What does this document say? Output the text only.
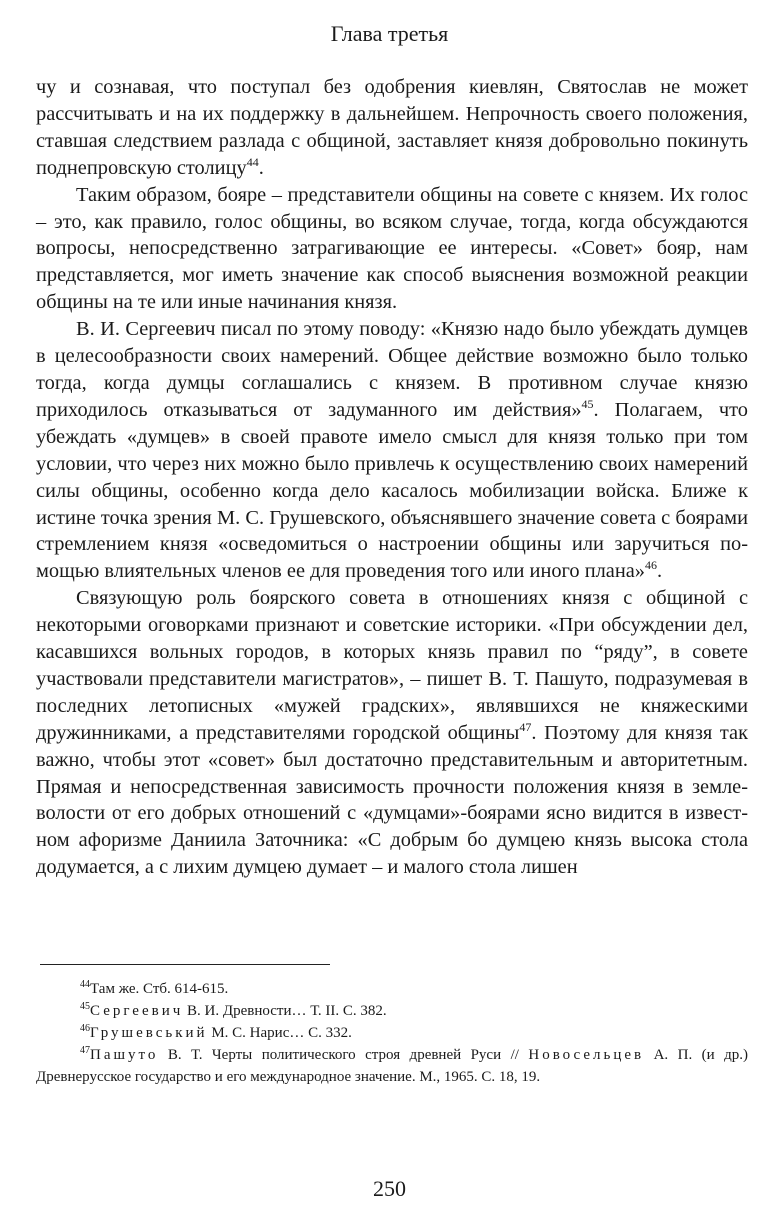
Глава третья

чу и сознавая, что поступал без одобрения киевлян, Святослав не может рассчитывать и на их поддержку в дальнейшем. Непрочность своего положения, ставшая следствием разлада с общиной, заставляет князя добровольно покинуть поднепровскую столицу$^{44}$.

Таким образом, бояре – представители общины на совете с князем. Их голос – это, как правило, голос общины, во всяком случае, тогда, когда обсуждаются вопросы, непосредственно затрагивающие ее интересы. «Совет» бояр, нам представляется, мог иметь значение как способ выяснения возможной реакции общины на те или иные начинания князя.

В. И. Сергеевич писал по этому поводу: «Князю надо было убеждать думцев в целесообразности своих намерений. Общее действие возможно было только тогда, когда думцы соглашались с князем. В противном случае князю приходилось отказываться от задуманного им действия»$^{45}$. Полагаем, что убеждать «думцев» в своей правоте имело смысл для князя только при том условии, что через них можно было привлечь к осуществлению своих намерений силы общины, особенно когда дело касалось мобилизации войска. Ближе к истине точка зрения М. С. Грушевского, объяснявшего значение совета с боярами стремлением князя «осведомиться о настроении общины или заручиться помощью влиятельных членов ее для проведения того или иного плана»$^{46}$.

Связующую роль боярского совета в отношениях князя с общиной с некоторыми оговорками признают и советские историки. «При обсуждении дел, касавшихся вольных городов, в которых князь правил по “ряду”, в совете участвовали представители магистратов», – пишет В. Т. Пашуто, подразумевая в последних летописных «мужей градских», являвшихся не княжескими дружинниками, а представителями городской общины$^{47}$. Поэтому для князя так важно, чтобы этот «совет» был достаточно представительным и авторитетным. Прямая и непосредственная зависимость прочности положения князя в земле-волости от его добрых отношений с «думцами»-боярами ясно видится в известном афоризме Даниила Заточника: «С добрым бо думцею князь высока стола додумается, а с лихим думцею думает – и малого стола лишен

$^{44}$Там же. Стб. 614-615.

$^{45}$Сергеевич В. И. Древности… Т. II. С. 382.

$^{46}$Грушевський М. С. Нарис… С. 332.

$^{47}$Пашуто В. Т. Черты политического строя древней Руси // Новосельцев А. П. (и др.) Древнерусское государство и его международное значение. М., 1965. С. 18, 19.

250
